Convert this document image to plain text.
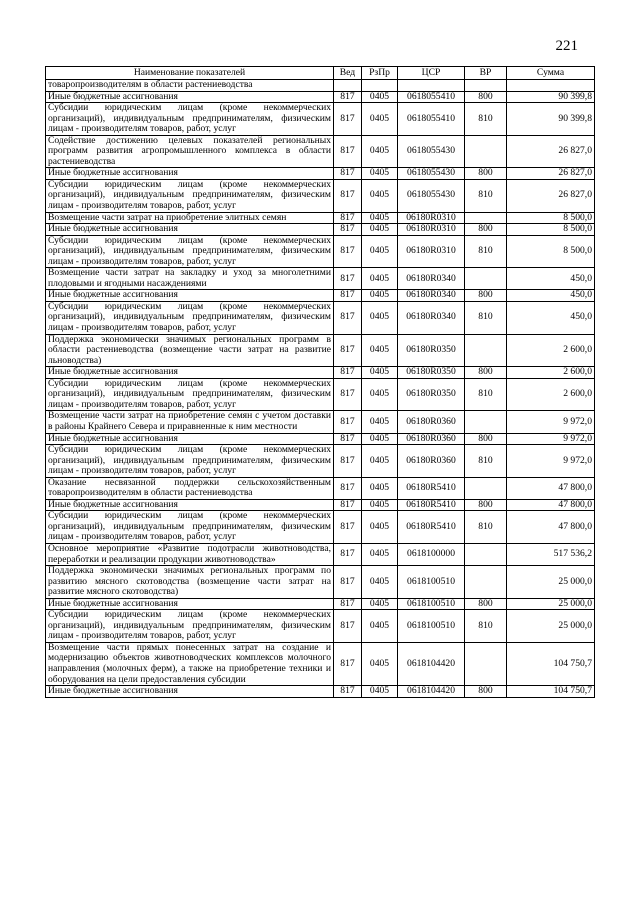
221
Наименование показателей	Вед	РзПр	ЦСР	ВР	Сумма
товаропроизводителям в области растениеводства					
Иные бюджетные ассигнования	817	0405	0618055410	800	90 399,8
Субсидии юридическим лицам (кроме некоммерческих организаций), индивидуальным предпринимателям, физическим лицам - производителям товаров, работ, услуг	817	0405	0618055410	810	90 399,8
Содействие достижению целевых показателей региональных программ развития агропромышленного комплекса в области растениеводства	817	0405	0618055430		26 827,0
Иные бюджетные ассигнования	817	0405	0618055430	800	26 827,0
Субсидии юридическим лицам (кроме некоммерческих организаций), индивидуальным предпринимателям, физическим лицам - производителям товаров, работ, услуг	817	0405	0618055430	810	26 827,0
Возмещение части затрат на приобретение элитных семян	817	0405	06180R0310		8 500,0
Иные бюджетные ассигнования	817	0405	06180R0310	800	8 500,0
Субсидии юридическим лицам (кроме некоммерческих организаций), индивидуальным предпринимателям, физическим лицам - производителям товаров, работ, услуг	817	0405	06180R0310	810	8 500,0
Возмещение части затрат на закладку и уход за многолетними плодовыми и ягодными насаждениями	817	0405	06180R0340		450,0
Иные бюджетные ассигнования	817	0405	06180R0340	800	450,0
Субсидии юридическим лицам (кроме некоммерческих организаций), индивидуальным предпринимателям, физическим лицам - производителям товаров, работ, услуг	817	0405	06180R0340	810	450,0
Поддержка экономически значимых региональных программ в области растениеводства (возмещение части затрат на развитие льноводства)	817	0405	06180R0350		2 600,0
Иные бюджетные ассигнования	817	0405	06180R0350	800	2 600,0
Субсидии юридическим лицам (кроме некоммерческих организаций), индивидуальным предпринимателям, физическим лицам - производителям товаров, работ, услуг	817	0405	06180R0350	810	2 600,0
Возмещение части затрат на приобретение семян с учетом доставки в районы Крайнего Севера и приравненные к ним местности	817	0405	06180R0360		9 972,0
Иные бюджетные ассигнования	817	0405	06180R0360	800	9 972,0
Субсидии юридическим лицам (кроме некоммерческих организаций), индивидуальным предпринимателям, физическим лицам - производителям товаров, работ, услуг	817	0405	06180R0360	810	9 972,0
Оказание несвязанной поддержки сельскохозяйственным товаропроизводителям в области растениеводства	817	0405	06180R5410		47 800,0
Иные бюджетные ассигнования	817	0405	06180R5410	800	47 800,0
Субсидии юридическим лицам (кроме некоммерческих организаций), индивидуальным предпринимателям, физическим лицам - производителям товаров, работ, услуг	817	0405	06180R5410	810	47 800,0
Основное мероприятие «Развитие подотрасли животноводства, переработки и реализации продукции животноводства»	817	0405	0618100000		517 536,2
Поддержка экономически значимых региональных программ по развитию мясного скотоводства (возмещение части затрат на развитие мясного скотоводства)	817	0405	0618100510		25 000,0
Иные бюджетные ассигнования	817	0405	0618100510	800	25 000,0
Субсидии юридическим лицам (кроме некоммерческих организаций), индивидуальным предпринимателям, физическим лицам - производителям товаров, работ, услуг	817	0405	0618100510	810	25 000,0
Возмещение части прямых понесенных затрат на создание и модернизацию объектов животноводческих комплексов молочного направления (молочных ферм), а также на приобретение техники и оборудования на цели предоставления субсидии	817	0405	0618104420		104 750,7
Иные бюджетные ассигнования	817	0405	0618104420	800	104 750,7
